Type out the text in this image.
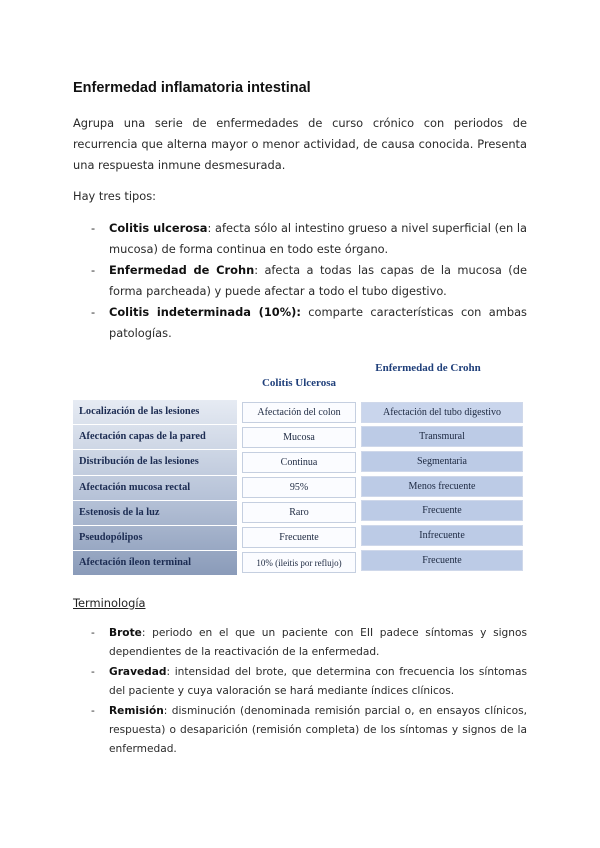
Enfermedad inflamatoria intestinal
Agrupa una serie de enfermedades de curso crónico con periodos de recurrencia que alterna mayor o menor actividad, de causa conocida. Presenta una respuesta inmune desmesurada.
Hay tres tipos:
- Colitis ulcerosa: afecta sólo al intestino grueso a nivel superficial (en la mucosa) de forma continua en todo este órgano.
- Enfermedad de Crohn: afecta a todas las capas de la mucosa (de forma parcheada) y puede afectar a todo el tubo digestivo.
- Colitis indeterminada (10%): comparte características con ambas patologías.
Colitis Ulcerosa
Enfermedad de Crohn
Localización de las lesiones
Afectación capas de la pared
Distribución de las lesiones
Afectación mucosa rectal
Estenosis de la luz
Pseudopólipos
Afectación íleon terminal
Afectación del colon
Mucosa
Continua
95%
Raro
Frecuente
10% (ileitis por reflujo)
Afectación del tubo digestivo
Transmural
Segmentaria
Menos frecuente
Frecuente
Infrecuente
Frecuente
Terminología
- Brote: periodo en el que un paciente con EII padece síntomas y signos dependientes de la reactivación de la enfermedad.
- Gravedad: intensidad del brote, que determina con frecuencia los síntomas del paciente y cuya valoración se hará mediante índices clínicos.
- Remisión: disminución (denominada remisión parcial o, en ensayos clínicos, respuesta) o desaparición (remisión completa) de los síntomas y signos de la enfermedad.
